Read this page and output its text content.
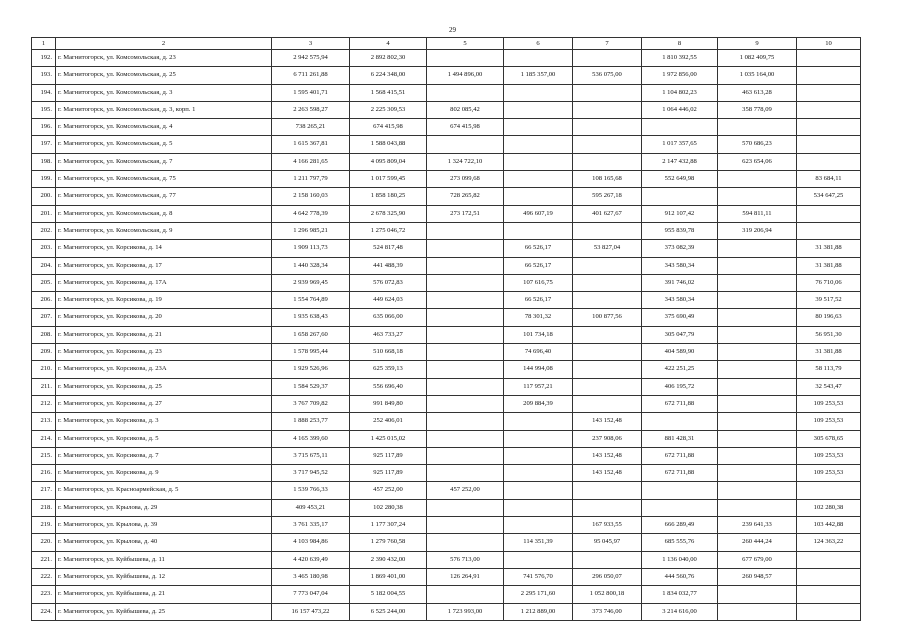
29
1	2	3	4	5	6	7	8	9	10
192.	г. Магнитогорск, ул. Комсомольская, д. 23	2 942 575,94	2 892 802,30				1 810 392,55	1 082 409,75	
193.	г. Магнитогорск, ул. Комсомольская, д. 25	6 711 261,88	6 224 348,00	1 494 896,00	1 185 357,00	536 075,00	1 972 856,00	1 035 164,00	
194.	г. Магнитогорск, ул. Комсомольская, д. 3	1 595 401,71	1 568 415,51				1 104 802,23	463 613,28	
195.	г. Магнитогорск, ул. Комсомольская, д. 3, корп. 1	2 263 598,27	2 225 309,53	802 085,42			1 064 446,02	358 778,09	
196.	г. Магнитогорск, ул. Комсомольская, д. 4	738 265,21	674 415,98	674 415,98					
197.	г. Магнитогорск, ул. Комсомольская, д. 5	1 615 367,81	1 588 043,88				1 017 357,65	570 686,23	
198.	г. Магнитогорск, ул. Комсомольская, д. 7	4 166 281,65	4 095 809,04	1 324 722,10			2 147 432,88	623 654,06	
199.	г. Магнитогорск, ул. Комсомольская, д. 75	1 211 797,79	1 017 599,45	273 099,68		108 165,68	552 649,98		83 684,11
200.	г. Магнитогорск, ул. Комсомольская, д. 77	2 158 160,03	1 858 180,25	728 265,82		595 267,18			534 647,25
201.	г. Магнитогорск, ул. Комсомольская, д. 8	4 642 778,39	2 678 325,90	273 172,51	496 607,19	401 627,67	912 107,42	594 811,11	
202.	г. Магнитогорск, ул. Комсомольская, д. 9	1 296 985,21	1 275 046,72				955 839,78	319 206,94	
203.	г. Магнитогорск, ул. Корсикова, д. 14	1 909 113,73	524 817,48		66 526,17	53 827,04	373 082,39		31 381,88
204.	г. Магнитогорск, ул. Корсикова, д. 17	1 440 328,34	441 488,39		66 526,17		343 580,34		31 381,88
205.	г. Магнитогорск, ул. Корсикова, д. 17А	2 939 969,45	576 072,83		107 616,75		391 746,02		76 710,06
206.	г. Магнитогорск, ул. Корсикова, д. 19	1 554 764,89	449 624,03		66 526,17		343 580,34		39 517,52
207.	г. Магнитогорск, ул. Корсикова, д. 20	1 935 638,43	635 066,00		78 301,32	100 877,56	375 690,49		80 196,63
208.	г. Магнитогорск, ул. Корсикова, д. 21	1 658 267,60	463 733,27		101 734,18		305 047,79		56 951,30
209.	г. Магнитогорск, ул. Корсикова, д. 23	1 578 995,44	510 668,18		74 696,40		404 589,90		31 381,88
210.	г. Магнитогорск, ул. Корсикова, д. 23А	1 929 526,96	625 359,13		144 994,08		422 251,25		58 113,79
211.	г. Магнитогорск, ул. Корсикова, д. 25	1 584 529,37	556 696,40		117 957,21		406 195,72		32 543,47
212.	г. Магнитогорск, ул. Корсикова, д. 27	3 767 709,82	991 849,80		209 884,39		672 711,88		109 253,53
213.	г. Магнитогорск, ул. Корсикова, д. 3	1 888 253,77	252 406,01			143 152,48			109 253,53
214.	г. Магнитогорск, ул. Корсикова, д. 5	4 165 399,60	1 425 015,02			237 908,06	881 428,31		305 678,65
215.	г. Магнитогорск, ул. Корсикова, д. 7	3 715 675,11	925 117,89			143 152,48	672 711,88		109 253,53
216.	г. Магнитогорск, ул. Корсикова, д. 9	3 717 945,52	925 117,89			143 152,48	672 711,88		109 253,53
217.	г. Магнитогорск, ул. Красноармейская, д. 5	1 539 766,33	457 252,00	457 252,00					
218.	г. Магнитогорск, ул. Крылова, д. 29	409 453,21	102 280,38						102 280,38
219.	г. Магнитогорск, ул. Крылова, д. 39	3 761 335,17	1 177 307,24			167 933,55	666 289,49	239 641,33	103 442,88
220.	г. Магнитогорск, ул. Крылова, д. 40	4 103 984,86	1 279 760,58		114 351,39	95 045,97	685 555,76	260 444,24	124 363,22
221.	г. Магнитогорск, ул. Куйбышева, д. 11	4 420 639,49	2 390 432,00	576 713,00			1 136 040,00	677 679,00	
222.	г. Магнитогорск, ул. Куйбышева, д. 12	3 465 180,98	1 869 401,00	126 264,91	741 576,70	296 050,07	444 560,76	260 948,57	
223.	г. Магнитогорск, ул. Куйбышева, д. 21	7 773 047,04	5 182 004,55		2 295 171,60	1 052 800,18	1 834 032,77		
224.	г. Магнитогорск, ул. Куйбышева, д. 25	16 157 473,22	6 525 244,00	1 723 993,00	1 212 889,00	373 746,00	3 214 616,00		
